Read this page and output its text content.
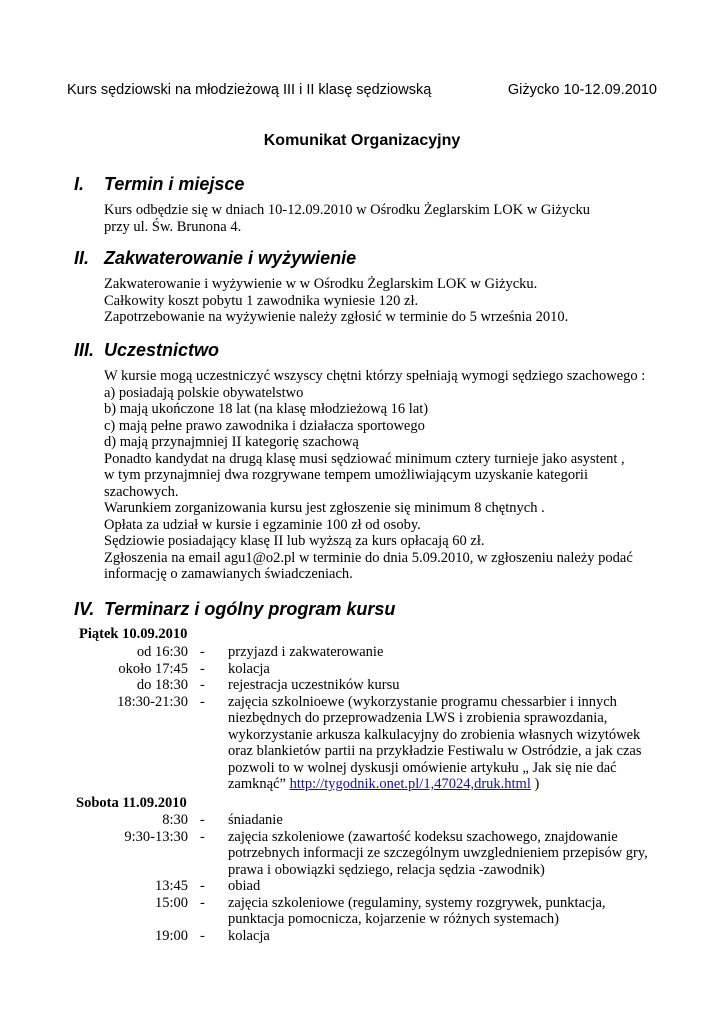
Kurs sędziowski na młodzieżową III i II klasę sędziowską	Giżycko 10-12.09.2010
Komunikat Organizacyjny
I. Termin i miejsce
Kurs odbędzie się w dniach 10-12.09.2010 w Ośrodku Żeglarskim LOK w Giżycku
przy ul. Św. Brunona 4.
II. Zakwaterowanie i wyżywienie
Zakwaterowanie i wyżywienie w w Ośrodku Żeglarskim LOK w Giżycku.
Całkowity koszt pobytu 1 zawodnika wyniesie 120 zł.
Zapotrzebowanie na wyżywienie należy zgłosić w terminie do 5 września 2010.
III. Uczestnictwo
W kursie mogą uczestniczyć wszyscy chętni którzy spełniają wymogi sędziego szachowego :
a) posiadają polskie obywatelstwo
b) mają ukończone 18 lat (na klasę młodzieżową 16 lat)
c) mają pełne prawo zawodnika i działacza sportowego
d) mają przynajmniej II kategorię szachową
Ponadto kandydat na drugą klasę musi sędziować minimum cztery turnieje jako asystent ,
w tym przynajmniej dwa rozgrywane tempem umożliwiającym uzyskanie kategorii
szachowych.
Warunkiem zorganizowania kursu jest zgłoszenie się minimum 8 chętnych .
Opłata za udział w kursie i egzaminie 100 zł od osoby.
Sędziowie posiadający klasę II lub wyższą za kurs opłacają 60 zł.
Zgłoszenia na email agu1@o2.pl w terminie do dnia 5.09.2010, w zgłoszeniu należy podać
informację o zamawianych świadczeniach.
IV. Terminarz i ogólny program kursu
Piątek 10.09.2010
od 16:30 - przyjazd i zakwaterowanie
około 17:45 - kolacja
do 18:30 - rejestracja uczestników kursu
18:30-21:30 - zajęcia szkolnioewe (wykorzystanie programu chessarbier i innych
niezbędnych do przeprowadzenia LWS i zrobienia sprawozdania,
wykorzystanie arkusza kalkulacyjny do zrobienia własnych wizytówek
oraz blankietów partii na przykładzie Festiwalu w Ostródzie, a jak czas
pozwoli to w wolnej dyskusji omówienie artykułu „ Jak się nie dać
zamknąć” http://tygodnik.onet.pl/1,47024,druk.html )
Sobota 11.09.2010
8:30 - śniadanie
9:30-13:30 - zajęcia szkoleniowe (zawartość kodeksu szachowego, znajdowanie
potrzebnych informacji ze szczególnym uwzglednieniem przepisów gry,
prawa i obowiązki sędziego, relacja sędzia -zawodnik)
13:45 - obiad
15:00 - zajęcia szkoleniowe (regulaminy, systemy rozgrywek, punktacja,
punktacja pomocnicza, kojarzenie w różnych systemach)
19:00 - kolacja
